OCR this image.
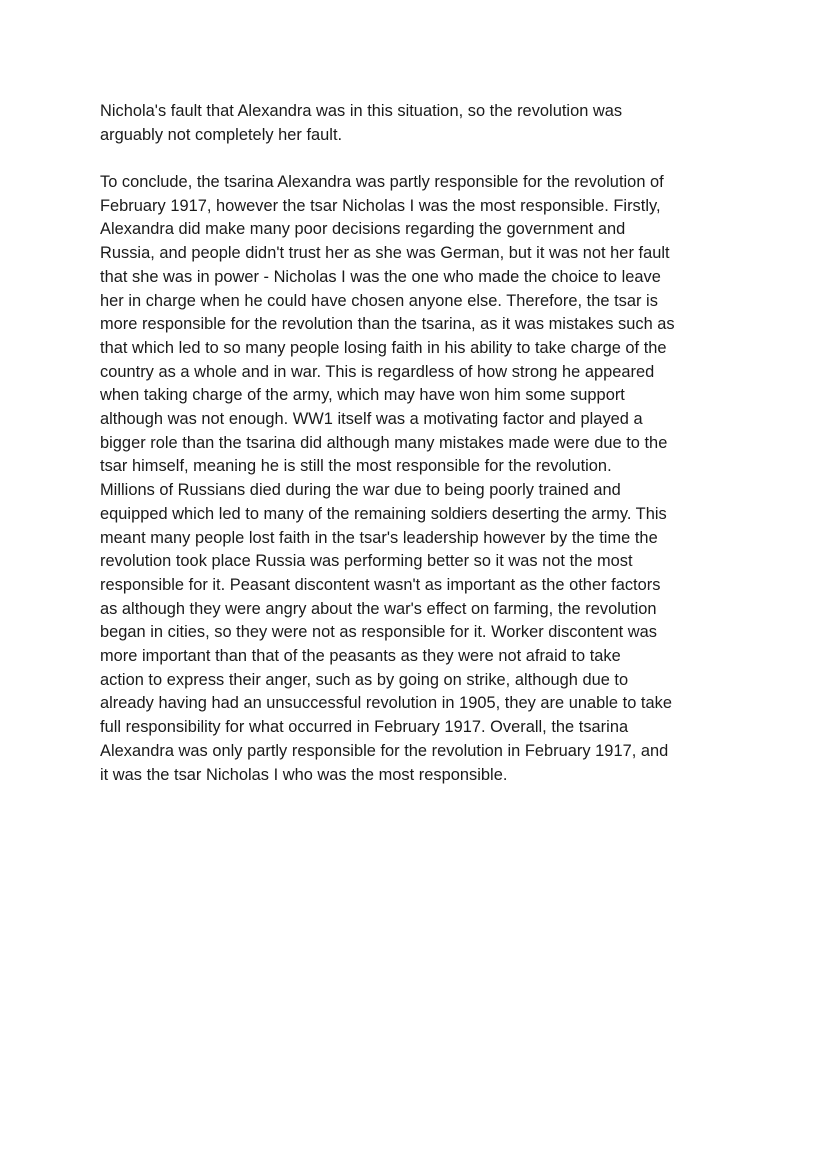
Nichola's fault that Alexandra was in this situation, so the revolution was
arguably not completely her fault.
To conclude, the tsarina Alexandra was partly responsible for the revolution of
February 1917, however the tsar Nicholas I was the most responsible. Firstly,
Alexandra did make many poor decisions regarding the government and
Russia, and people didn't trust her as she was German, but it was not her fault
that she was in power - Nicholas I was the one who made the choice to leave
her in charge when he could have chosen anyone else. Therefore, the tsar is
more responsible for the revolution than the tsarina, as it was mistakes such as
that which led to so many people losing faith in his ability to take charge of the
country as a whole and in war. This is regardless of how strong he appeared
when taking charge of the army, which may have won him some support
although was not enough. WW1 itself was a motivating factor and played a
bigger role than the tsarina did although many mistakes made were due to the
tsar himself, meaning he is still the most responsible for the revolution.
Millions of Russians died during the war due to being poorly trained and
equipped which led to many of the remaining soldiers deserting the army. This
meant many people lost faith in the tsar's leadership however by the time the
revolution took place Russia was performing better so it was not the most
responsible for it. Peasant discontent wasn't as important as the other factors
as although they were angry about the war's effect on farming, the revolution
began in cities, so they were not as responsible for it. Worker discontent was
more important than that of the peasants as they were not afraid to take
action to express their anger, such as by going on strike, although due to
already having had an unsuccessful revolution in 1905, they are unable to take
full responsibility for what occurred in February 1917. Overall, the tsarina
Alexandra was only partly responsible for the revolution in February 1917, and
it was the tsar Nicholas I who was the most responsible.
